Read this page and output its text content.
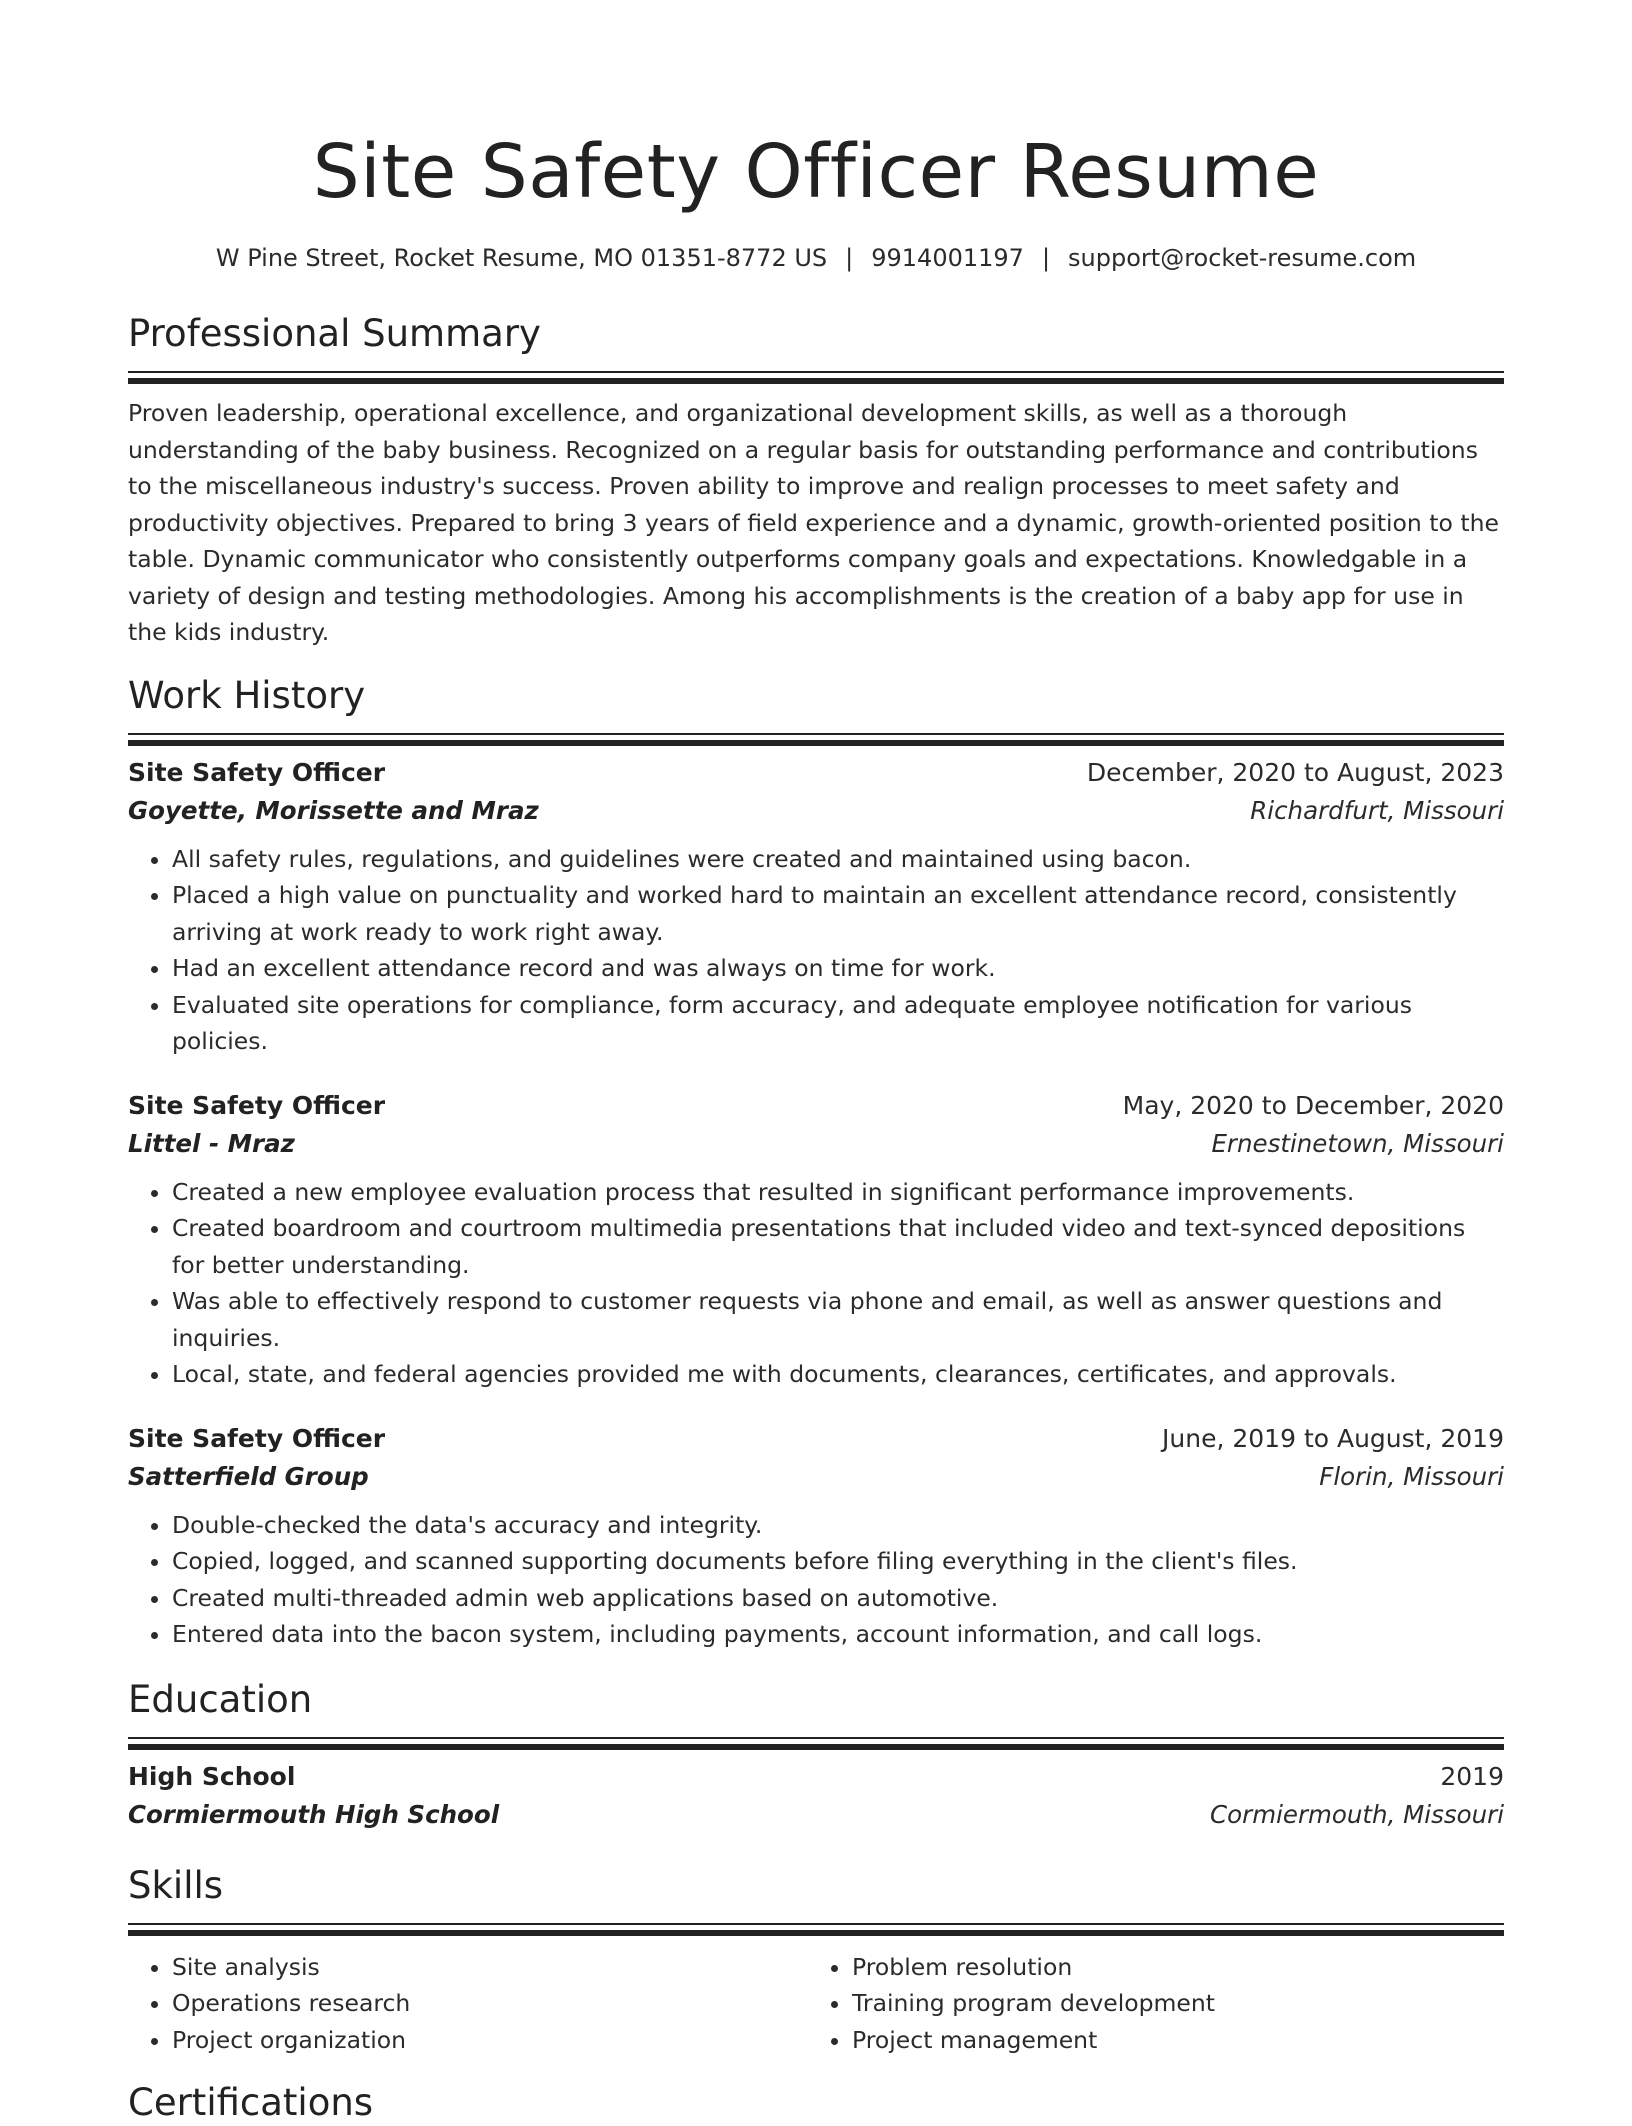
Site Safety Officer Resume
W Pine Street, Rocket Resume, MO 01351-8772 US | 9914001197 | support@rocket-resume.com
Professional Summary

Proven leadership, operational excellence, and organizational development skills, as well as a thorough understanding of the baby business. Recognized on a regular basis for outstanding performance and contributions to the miscellaneous industry's success. Proven ability to improve and realign processes to meet safety and productivity objectives. Prepared to bring 3 years of field experience and a dynamic, growth-oriented position to the table. Dynamic communicator who consistently outperforms company goals and expectations. Knowledgable in a variety of design and testing methodologies. Among his accomplishments is the creation of a baby app for use in the kids industry.

Work History
Site Safety Officer	December, 2020 to August, 2023
Goyette, Morissette and Mraz	Richardfurt, Missouri
• All safety rules, regulations, and guidelines were created and maintained using bacon.
• Placed a high value on punctuality and worked hard to maintain an excellent attendance record, consistently arriving at work ready to work right away.
• Had an excellent attendance record and was always on time for work.
• Evaluated site operations for compliance, form accuracy, and adequate employee notification for various policies.
Site Safety Officer	May, 2020 to December, 2020
Littel - Mraz	Ernestinetown, Missouri
• Created a new employee evaluation process that resulted in significant performance improvements.
• Created boardroom and courtroom multimedia presentations that included video and text-synced depositions for better understanding.
• Was able to effectively respond to customer requests via phone and email, as well as answer questions and inquiries.
• Local, state, and federal agencies provided me with documents, clearances, certificates, and approvals.
Site Safety Officer	June, 2019 to August, 2019
Satterfield Group	Florin, Missouri
• Double-checked the data's accuracy and integrity.
• Copied, logged, and scanned supporting documents before filing everything in the client's files.
• Created multi-threaded admin web applications based on automotive.
• Entered data into the bacon system, including payments, account information, and call logs.
Education
High School	2019
Cormiermouth High School	Cormiermouth, Missouri
Skills
• Site analysis
• Operations research
• Project organization
• Problem resolution
• Training program development
• Project management
Certifications
